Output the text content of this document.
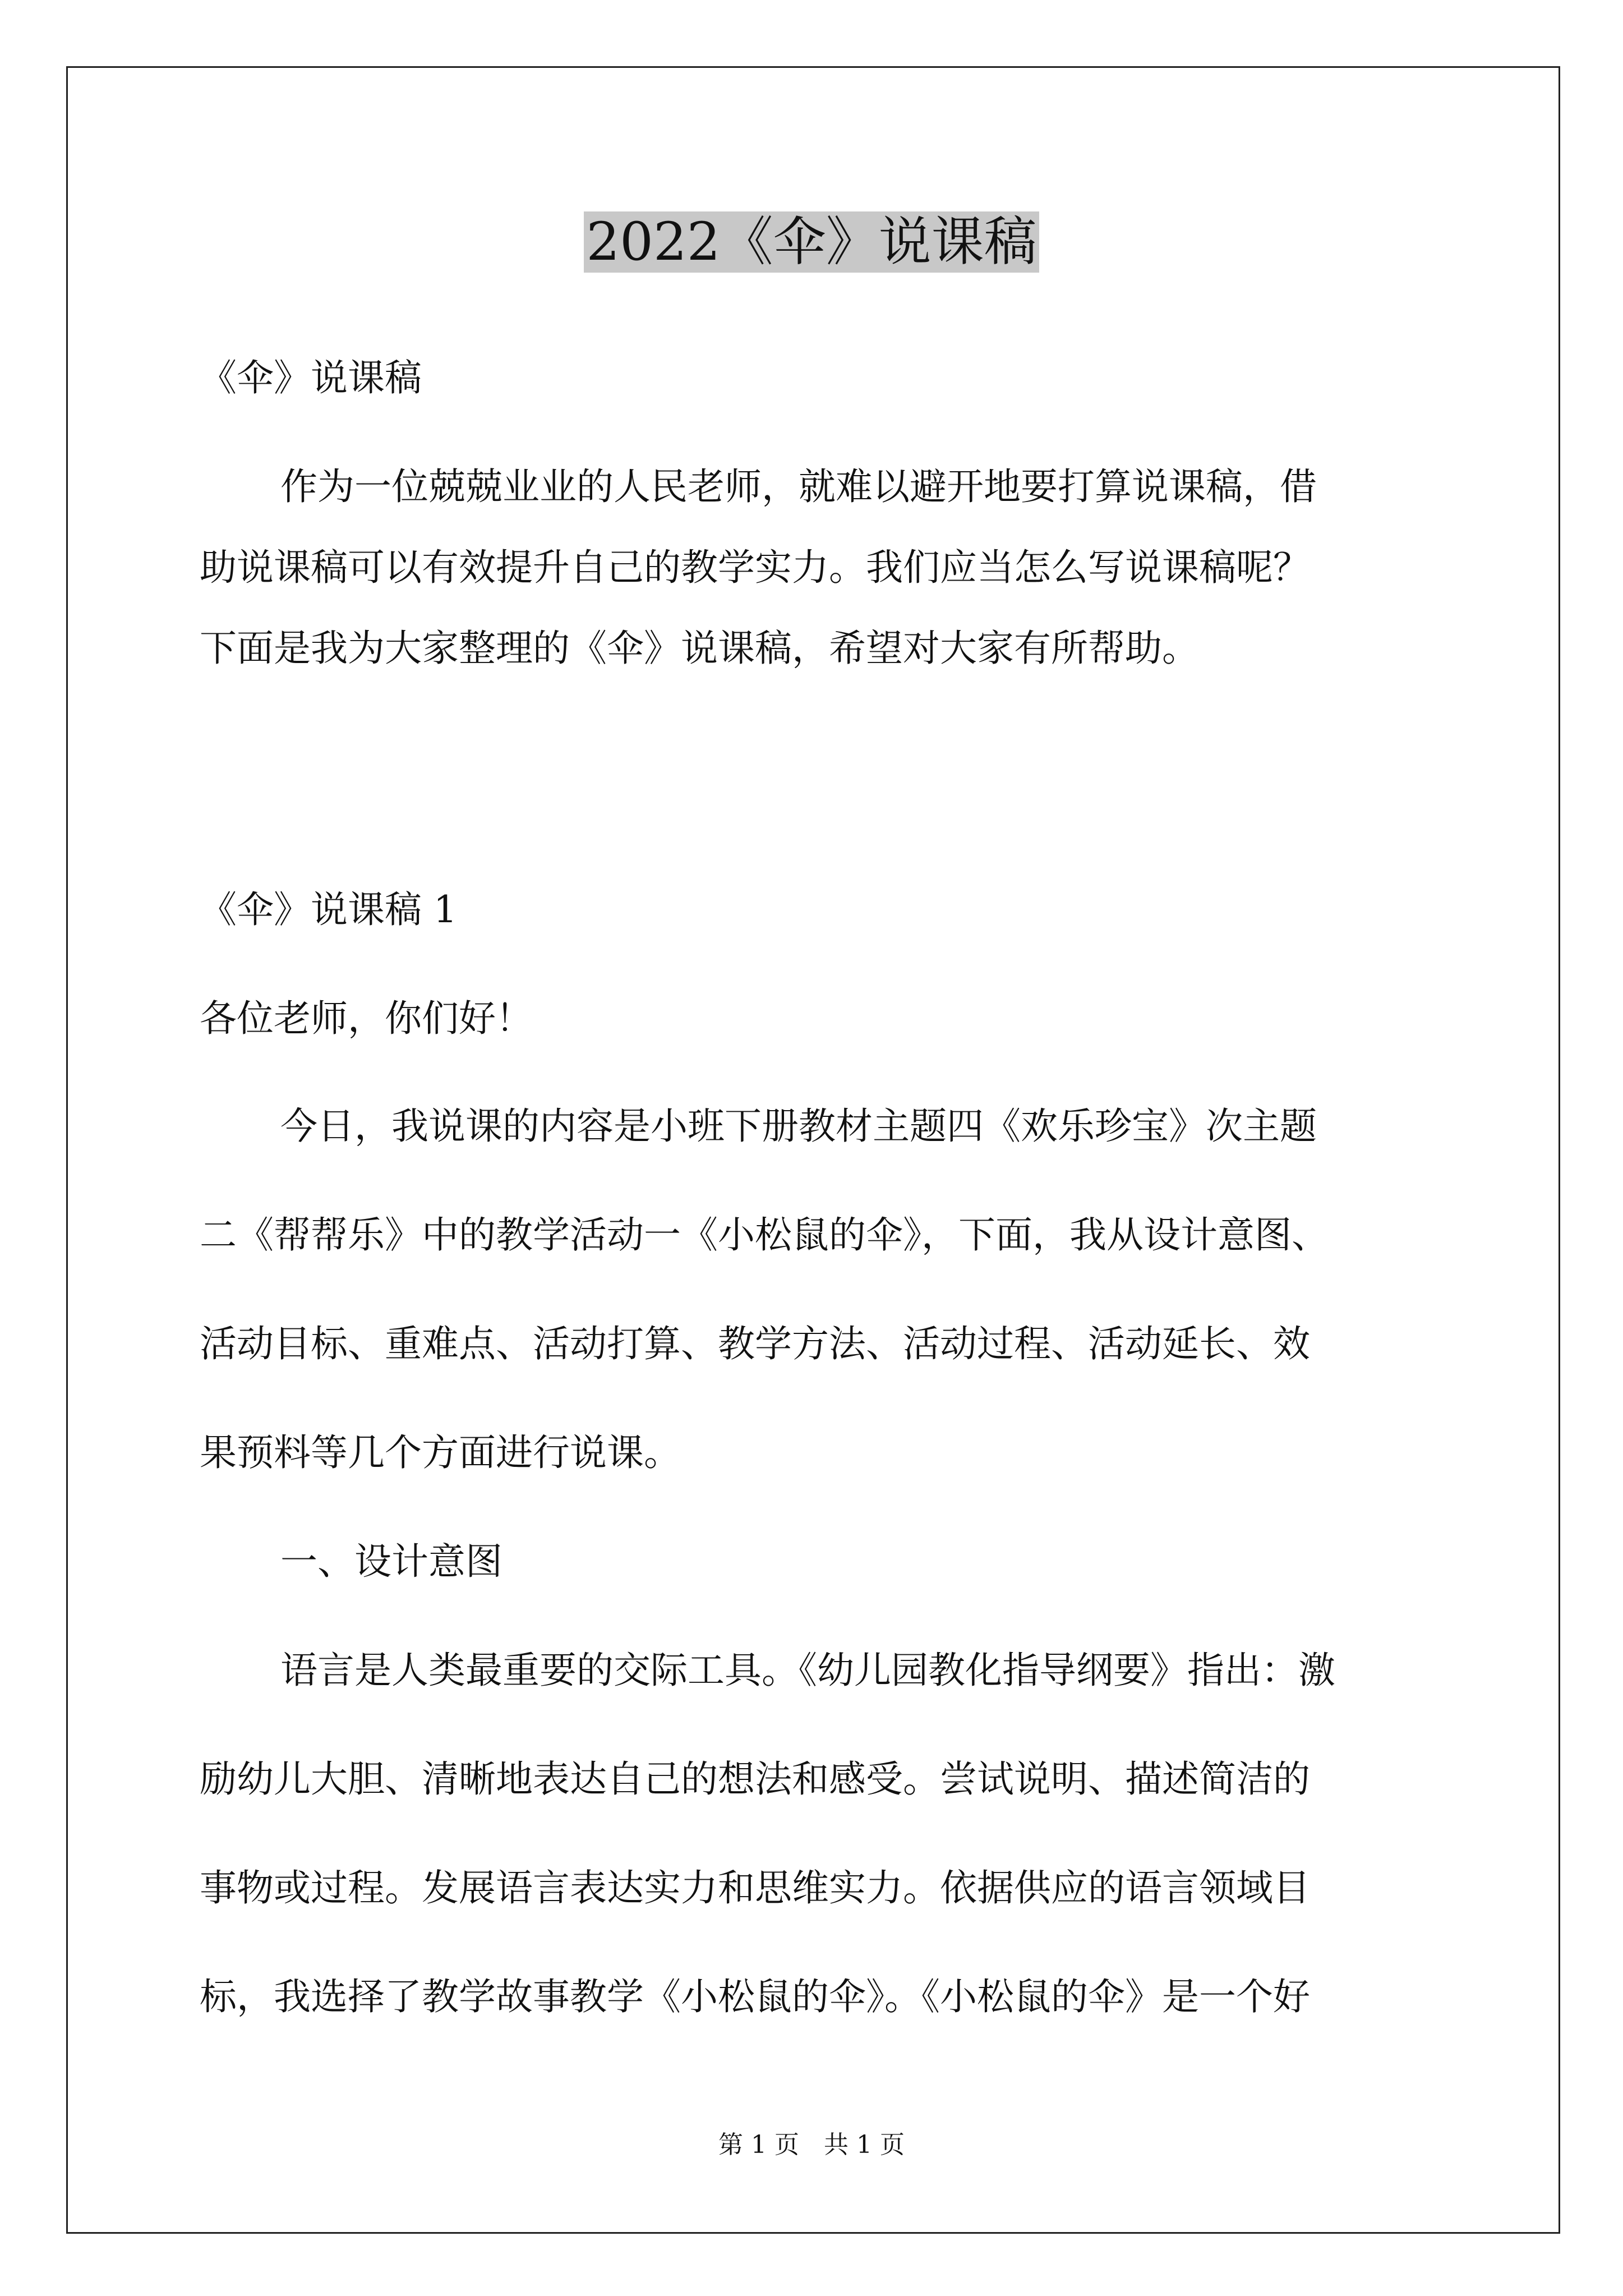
2022《伞》说课稿

《伞》说课稿

作为一位兢兢业业的人民老师，就难以避开地要打算说课稿，借

助说课稿可以有效提升自己的教学实力。我们应当怎么写说课稿呢？

下面是我为大家整理的《伞》说课稿，希望对大家有所帮助。

《伞》说课稿 1

各位老师，你们好！

今日，我说课的内容是小班下册教材主题四《欢乐珍宝》次主题

二《帮帮乐》中的教学活动一《小松鼠的伞》，下面，我从设计意图、

活动目标、重难点、活动打算、教学方法、活动过程、活动延长、效

果预料等几个方面进行说课。

一、设计意图

语言是人类最重要的交际工具。《幼儿园教化指导纲要》指出：激

励幼儿大胆、清晰地表达自己的想法和感受。尝试说明、描述简洁的

事物或过程。发展语言表达实力和思维实力。依据供应的语言领域目

标，我选择了教学故事教学《小松鼠的伞》。《小松鼠的伞》是一个好

第 1 页　共 1 页
